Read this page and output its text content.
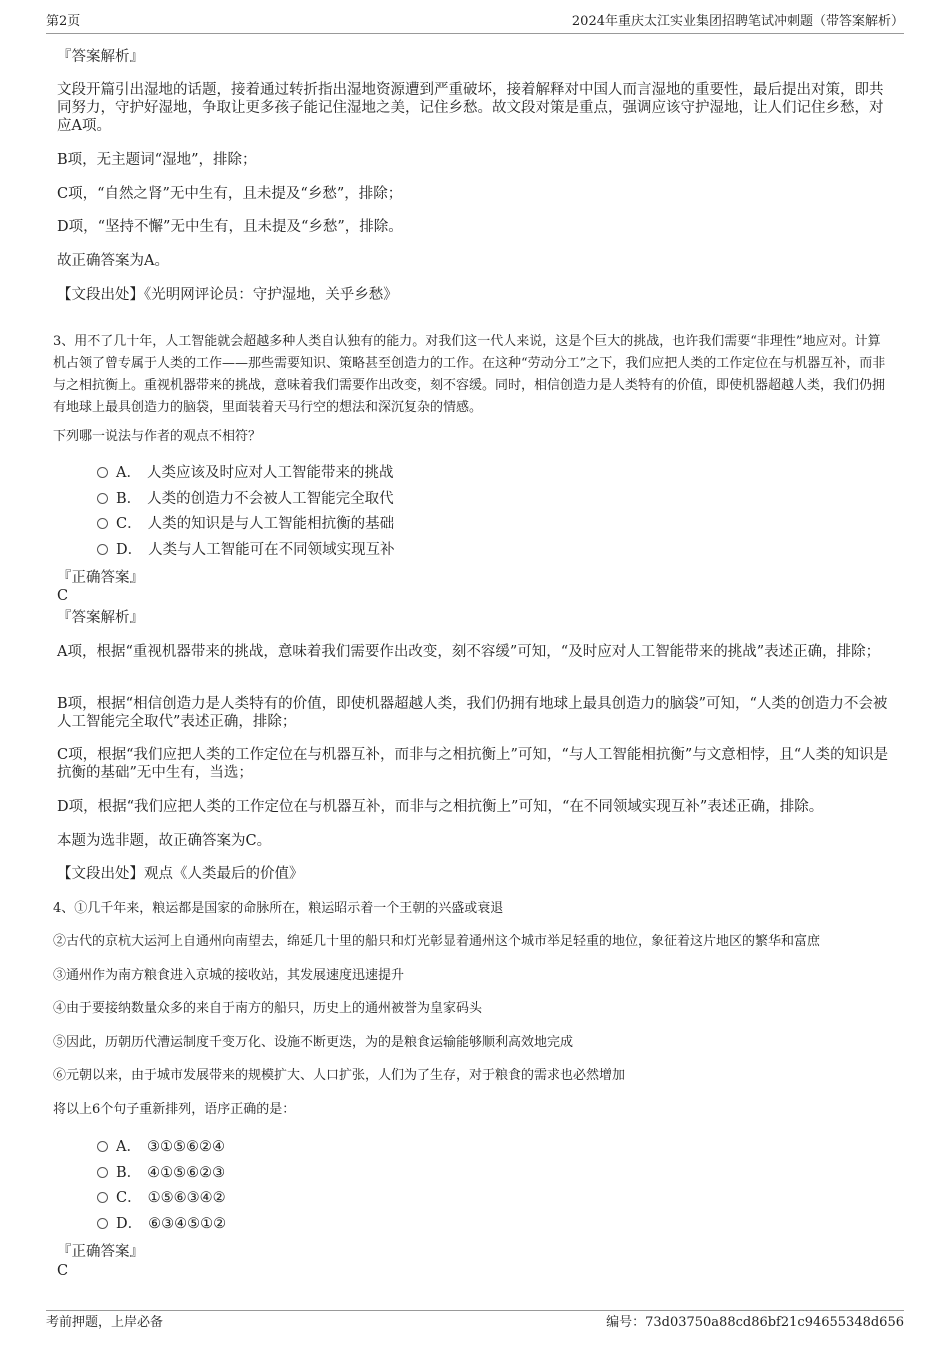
第2页	2024年重庆太江实业集团招聘笔试冲刺题（带答案解析）

『答案解析』
文段开篇引出湿地的话题，接着通过转折指出湿地资源遭到严重破坏，接着解释对中国人而言湿地的重要性，最后提出对策，即共同努力，守护好湿地，争取让更多孩子能记住湿地之美，记住乡愁。故文段对策是重点，强调应该守护湿地，让人们记住乡愁，对应A项。
B项，无主题词“湿地”，排除；
C项，“自然之肾”无中生有，且未提及“乡愁”，排除；
D项，“坚持不懈”无中生有，且未提及“乡愁”，排除。
故正确答案为A。
【文段出处】《光明网评论员：守护湿地，关乎乡愁》
3、用不了几十年，人工智能就会超越多种人类自认独有的能力。对我们这一代人来说，这是个巨大的挑战，也许我们需要“非理性”地应对。计算机占领了曾专属于人类的工作——那些需要知识、策略甚至创造力的工作。在这种“劳动分工”之下，我们应把人类的工作定位在与机器互补，而非与之相抗衡上。重视机器带来的挑战，意味着我们需要作出改变，刻不容缓。同时，相信创造力是人类特有的价值，即使机器超越人类，我们仍拥有地球上最具创造力的脑袋，里面装着天马行空的想法和深沉复杂的情感。
下列哪一说法与作者的观点不相符？
A． 人类应该及时应对人工智能带来的挑战
B． 人类的创造力不会被人工智能完全取代
C． 人类的知识是与人工智能相抗衡的基础
D． 人类与人工智能可在不同领域实现互补
『正确答案』
C
『答案解析』
A项，根据“重视机器带来的挑战，意味着我们需要作出改变，刻不容缓”可知，“及时应对人工智能带来的挑战”表述正确，排除；
B项，根据“相信创造力是人类特有的价值，即使机器超越人类，我们仍拥有地球上最具创造力的脑袋”可知，“人类的创造力不会被人工智能完全取代”表述正确，排除；
C项，根据“我们应把人类的工作定位在与机器互补，而非与之相抗衡上”可知，“与人工智能相抗衡”与文意相悖，且“人类的知识是抗衡的基础”无中生有，当选；
D项，根据“我们应把人类的工作定位在与机器互补，而非与之相抗衡上”可知，“在不同领域实现互补”表述正确，排除。
本题为选非题，故正确答案为C。
【文段出处】观点《人类最后的价值》
4、①几千年来，粮运都是国家的命脉所在，粮运昭示着一个王朝的兴盛或衰退
②古代的京杭大运河上自通州向南望去，绵延几十里的船只和灯光彰显着通州这个城市举足轻重的地位，象征着这片地区的繁华和富庶
③通州作为南方粮食进入京城的接收站，其发展速度迅速提升
④由于要接纳数量众多的来自于南方的船只，历史上的通州被誉为皇家码头
⑤因此，历朝历代漕运制度千变万化、设施不断更迭，为的是粮食运输能够顺利高效地完成
⑥元朝以来，由于城市发展带来的规模扩大、人口扩张，人们为了生存，对于粮食的需求也必然增加
将以上6个句子重新排列，语序正确的是：
A． ③①⑤⑥②④
B． ④①⑤⑥②③
C． ①⑤⑥③④②
D． ⑥③④⑤①②
『正确答案』
C
考前押题，上岸必备	编号：73d03750a88cd86bf21c94655348d656
